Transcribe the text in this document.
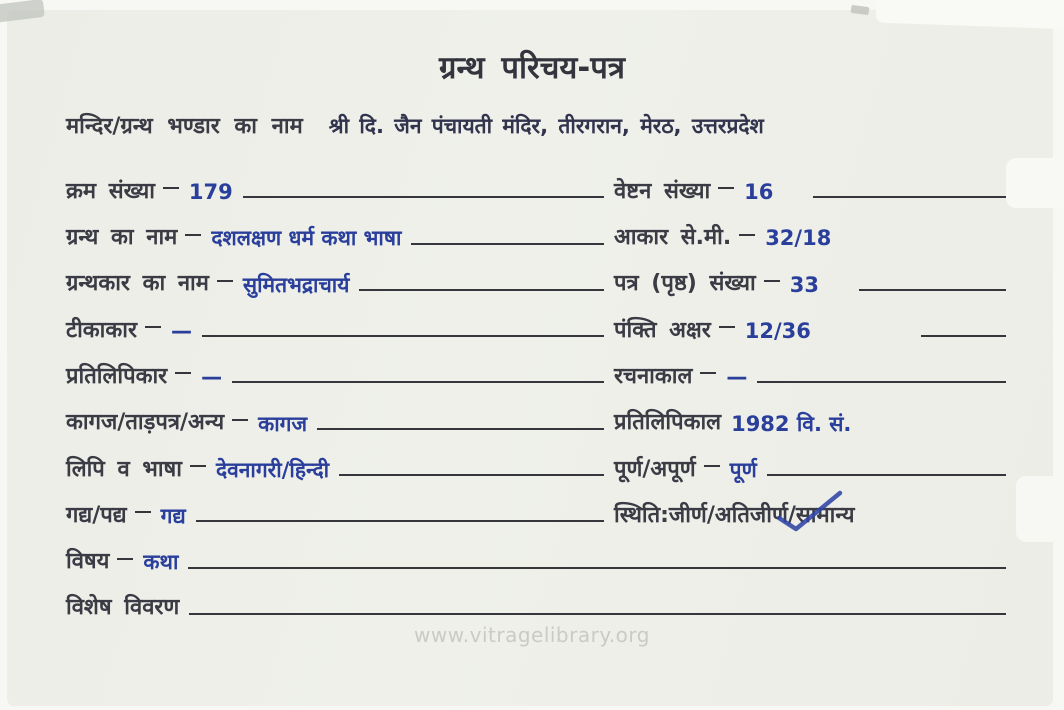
ग्रन्थ परिचय-पत्र
मन्दिर/ग्रन्थ भण्डार का नाम श्री दि. जैन पंचायती मंदिर, तीरगरान, मेरठ, उत्तरप्रदेश
क्रम संख्या 179	वेष्टन संख्या 16
ग्रन्थ का नाम दशलक्षण धर्म कथा भाषा	आकार से.मी. 32/18
ग्रन्थकार का नाम सुमितभद्राचार्य	पत्र (पृष्ठ) संख्या 33
टीकाकार —	पंक्ति अक्षर 12/36
प्रतिलिपिकार —	रचनाकाल —
कागज/ताड़पत्र/अन्य कागज	प्रतिलिपिकाल 1982 वि. सं.
लिपि व भाषा देवनागरी/हिन्दी	पूर्ण/अपूर्ण पूर्ण
गद्य/पद्य गद्य	स्थिति:जीर्ण/अतिजीर्ण/ सामान्य
विषय कथा
विशेष विवरण
www.vitragelibrary.org
